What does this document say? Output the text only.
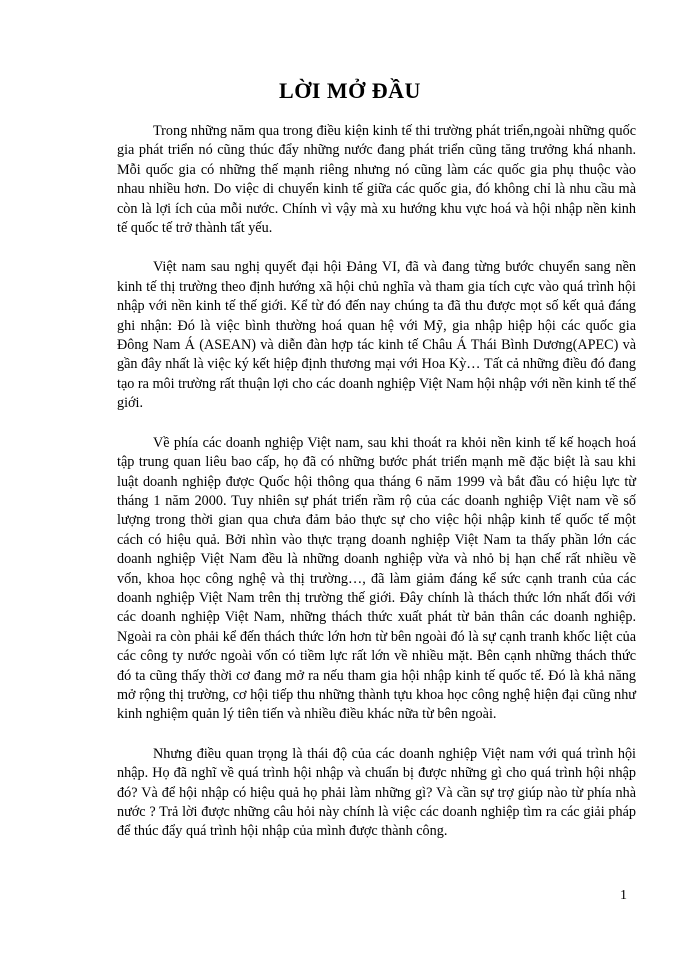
LỜI MỞ ĐẦU

Trong những năm qua trong điều kiện kinh tế thi trường phát triển,ngoài những quốc gia phát triển nó cũng thúc đẩy những nước đang phát triển cũng tăng trưởng khá nhanh. Mỗi quốc gia có những thế mạnh riêng nhưng nó cũng làm các quốc gia phụ thuộc vào nhau nhiều hơn. Do việc di chuyển kinh tế giữa các quốc gia, đó không chỉ là nhu cầu mà còn là lợi ích của mỗi nước. Chính vì vậy mà xu hướng khu vực hoá và hội nhập nền kinh tế quốc tế trở thành tất yếu.

Việt nam sau nghị quyết đại hội Đảng VI, đã và đang từng bước chuyển sang nền kinh tế thị trường theo định hướng xã hội chủ nghĩa và tham gia tích cực vào quá trình hội nhập với nền kinh tế thế giới. Kể từ đó đến nay chúng ta đã thu được mọt số kết quả đáng ghi nhận: Đó là việc bình thường hoá quan hệ với Mỹ, gia nhập hiệp hội các quốc gia Đông Nam Á (ASEAN) và diễn đàn hợp tác kinh tế Châu Á Thái Bình Dương(APEC) và gần đây nhất là việc ký kết hiệp định thương mại với Hoa Kỳ… Tất cả những điều đó đang tạo ra môi trường rất thuận lợi cho các doanh nghiệp Việt Nam hội nhập với nền kinh tế thế giới.

Về phía các doanh nghiệp Việt nam, sau khi thoát ra khỏi nền kinh tế kế hoạch hoá tập trung quan liêu bao cấp, họ đã có những bước phát triển mạnh mẽ đặc biệt là sau khi luật doanh nghiệp được Quốc hội thông qua tháng 6 năm 1999 và bắt đầu có hiệu lực từ tháng 1 năm 2000. Tuy nhiên sự phát triển rầm rộ của các doanh nghiệp Việt nam về số lượng trong thời gian qua chưa đảm bảo thực sự cho việc hội nhập kinh tế quốc tế một cách có hiệu quả. Bởi nhìn vào thực trạng doanh nghiệp Việt Nam ta thấy phần lớn các doanh nghiệp Việt Nam đều là những doanh nghiệp vừa và nhỏ bị hạn chế rất nhiều về vốn, khoa học công nghệ và thị trường…, đã làm giảm đáng kể sức cạnh tranh của các doanh nghiệp Việt Nam trên thị trường thế giới. Đây chính là thách thức lớn nhất đối với các doanh nghiệp Việt Nam, những thách thức xuất phát từ bản thân các doanh nghiệp. Ngoài ra còn phải kể đến thách thức lớn hơn từ bên ngoài đó là sự cạnh tranh khốc liệt của các công ty nước ngoài vốn có tiềm lực rất lớn về nhiều mặt. Bên cạnh những thách thức đó ta cũng thấy thời cơ đang mở ra nếu tham gia hội nhập kinh tế quốc tế. Đó là khả năng mở rộng thị trường, cơ hội tiếp thu những thành tựu khoa học công nghệ hiện đại cũng như kinh nghiệm quản lý tiên tiến và nhiều điều khác nữa từ bên ngoài.

Nhưng điều quan trọng là thái độ của các doanh nghiệp Việt nam với quá trình hội nhập. Họ đã nghĩ về quá trình hội nhập và chuẩn bị được những gì cho quá trình hội nhập đó? Và để hội nhập có hiệu quả họ phải làm những gì? Và cần sự trợ giúp nào từ phía nhà nước ? Trả lời được những câu hỏi này chính là việc các doanh nghiệp tìm ra các giải pháp để thúc đẩy quá trình hội nhập của mình được thành công.

1
